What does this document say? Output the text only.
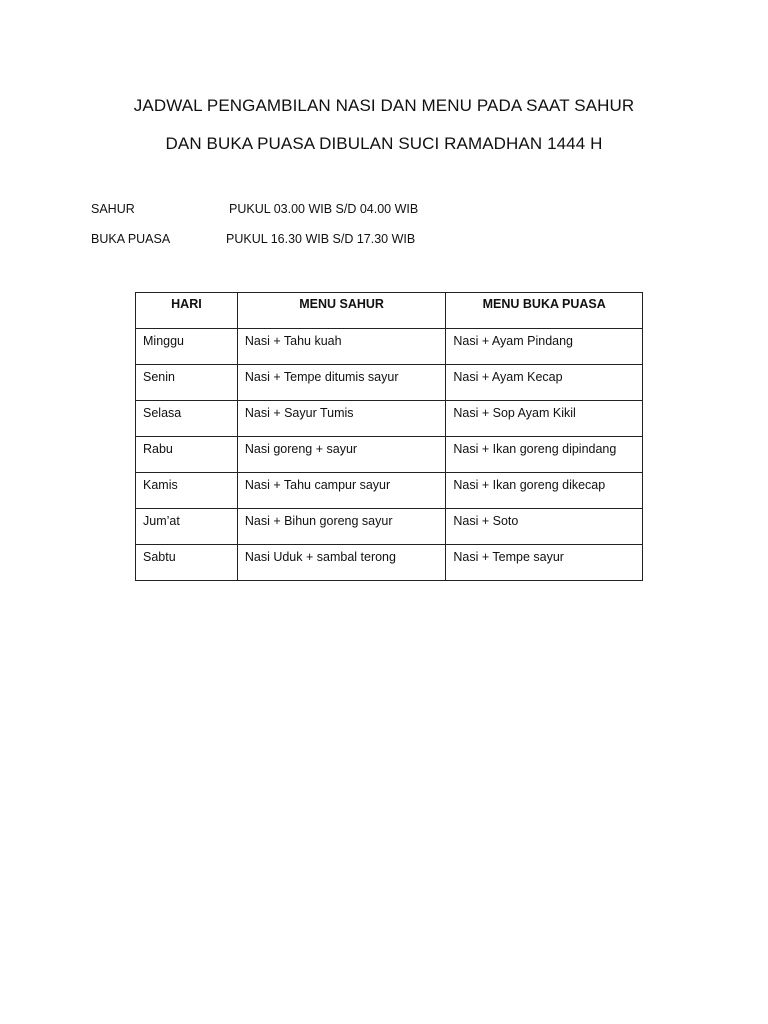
JADWAL PENGAMBILAN NASI DAN MENU PADA SAAT SAHUR
DAN BUKA PUASA DIBULAN SUCI RAMADHAN 1444 H
SAHUR	PUKUL 03.00 WIB S/D 04.00 WIB
BUKA PUASA	PUKUL 16.30 WIB S/D 17.30 WIB
HARI	MENU SAHUR	MENU BUKA PUASA
Minggu	Nasi + Tahu kuah	Nasi + Ayam Pindang
Senin	Nasi + Tempe ditumis sayur	Nasi + Ayam Kecap
Selasa	Nasi + Sayur Tumis	Nasi + Sop Ayam Kikil
Rabu	Nasi goreng + sayur	Nasi + Ikan goreng dipindang
Kamis	Nasi + Tahu campur sayur	Nasi + Ikan goreng dikecap
Jum’at	Nasi + Bihun goreng sayur	Nasi + Soto
Sabtu	Nasi Uduk + sambal terong	Nasi + Tempe sayur
